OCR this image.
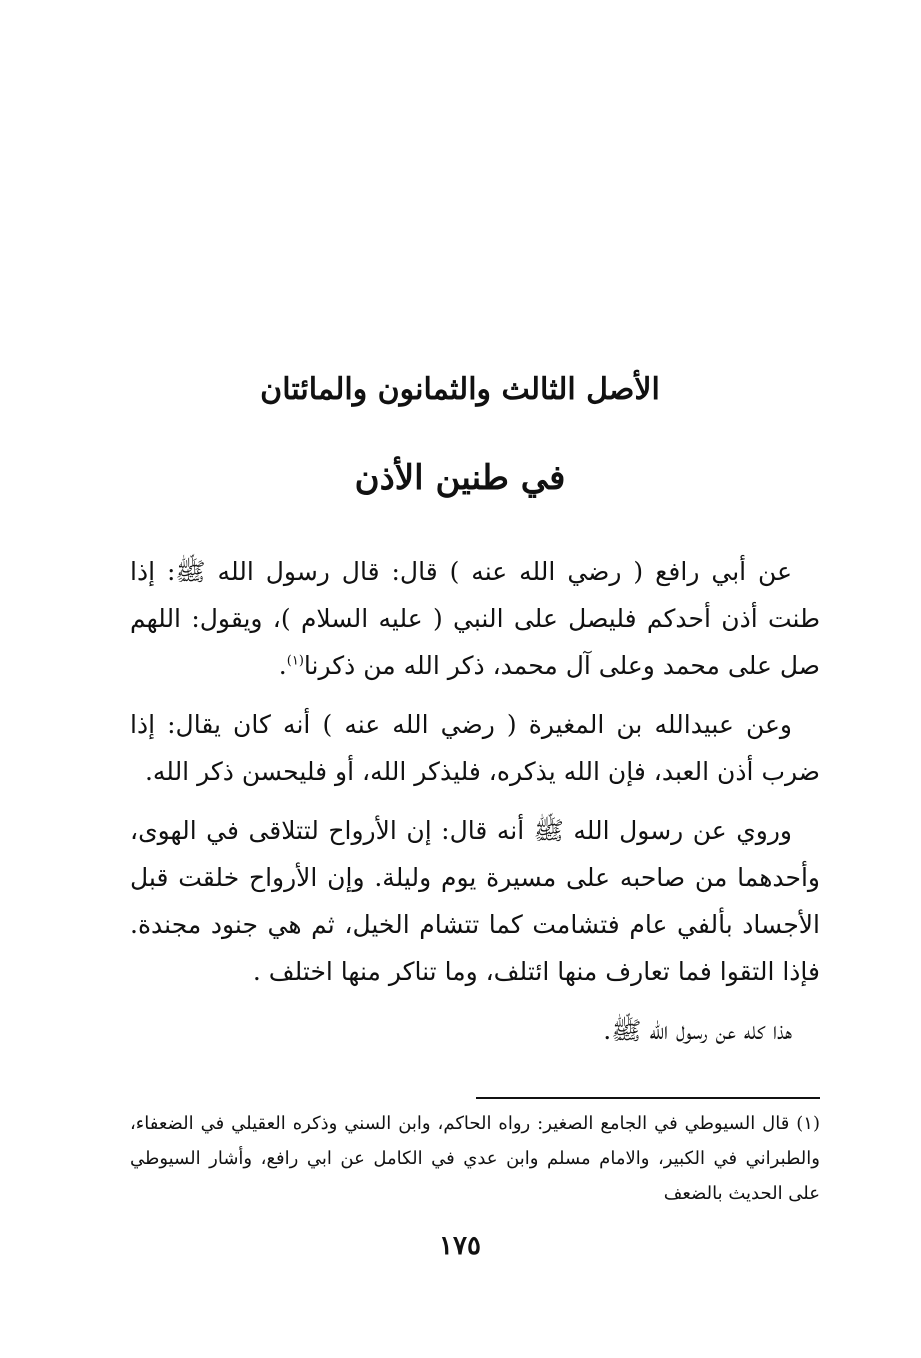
الأصل الثالث والثمانون والمائتان
في طنين الأذن

عن أبي رافع ( رضي الله عنه ) قال: قال رسول الله ﷺ: إذا طنت أذن أحدكم فليصل على النبي ( عليه السلام )، ويقول: اللهم صل على محمد وعلى آل محمد، ذكر الله من ذكرنا$^{(١)}$.

وعن عبيدالله بن المغيرة ( رضي الله عنه ) أنه كان يقال: إذا ضرب أذن العبد، فإن الله يذكره، فليذكر الله، أو فليحسن ذكر الله.

وروي عن رسول الله ﷺ أنه قال: إن الأرواح لتتلاقى في الهوى، وأحدهما من صاحبه على مسيرة يوم وليلة. وإن الأرواح خلقت قبل الأجساد بألفي عام فتشامت كما تتشام الخيل، ثم هي جنود مجندة. فإذا التقوا فما تعارف منها ائتلف، وما تناكر منها اختلف .

هذا كله عن رسول الله ﷺ.

(١) قال السيوطي في الجامع الصغير: رواه الحاكم، وابن السني وذكره العقيلي في الضعفاء، والطبراني في الكبير، والامام مسلم وابن عدي في الكامل عن ابي رافع، وأشار السيوطي على الحديث بالضعف

١٧٥
